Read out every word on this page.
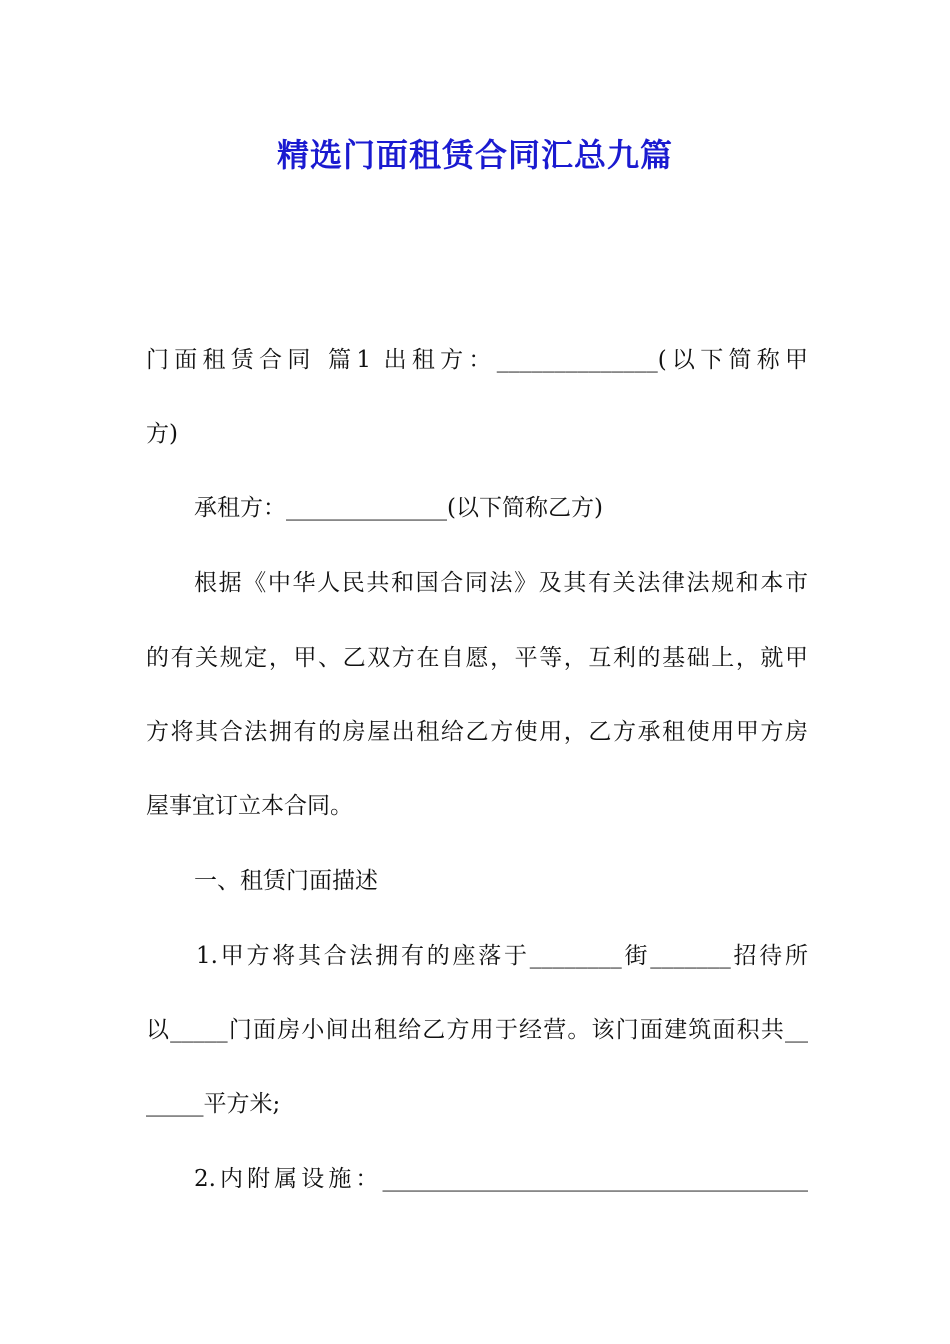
精选门面租赁合同汇总九篇
门面租赁合同 篇1 出租方：______________(以下简称甲
方)
承租方：______________(以下简称乙方)
根据《中华人民共和国合同法》及其有关法律法规和本市
的有关规定，甲、乙双方在自愿，平等，互利的基础上，就甲
方将其合法拥有的房屋出租给乙方使用，乙方承租使用甲方房
屋事宜订立本合同。
一、租赁门面描述
1.甲方将其合法拥有的座落于________街_______招待所
以_____门面房小间出租给乙方用于经营。该门面建筑面积共__
_____平方米;
2.内附属设施：_____________________________________
